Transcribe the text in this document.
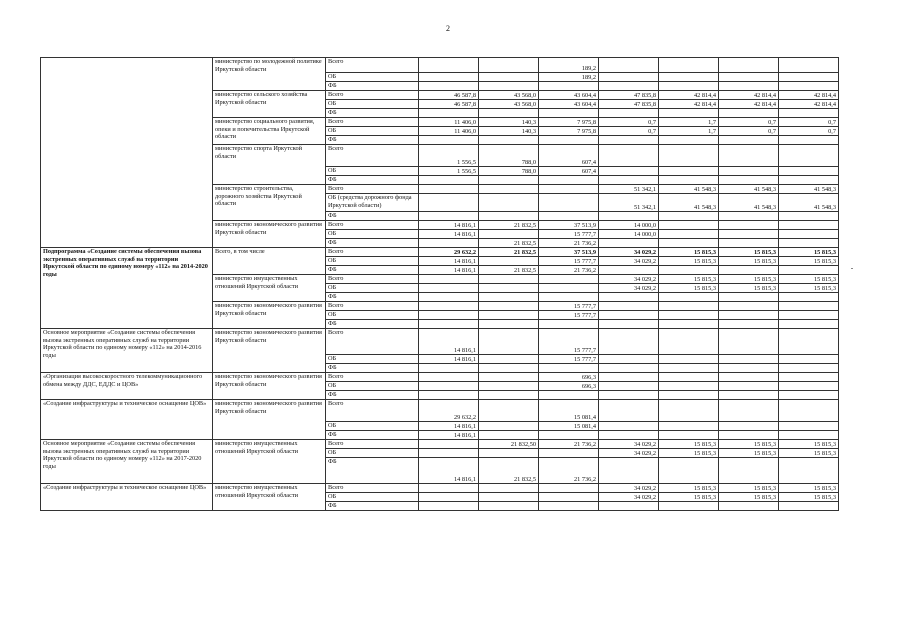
2
	министерство по молодежной политике Иркутской области	Всего			189,2				
		ОБ			189,2				
		ФБ							
	министерство сельского хозяйства Иркутской области	Всего	46 587,8	43 568,0	43 604,4	47 835,8	42 814,4	42 814,4	42 814,4
		ОБ	46 587,8	43 568,0	43 604,4	47 835,8	42 814,4	42 814,4	42 814,4
		ФБ							
	министерство социального развития, опеки и попечительства Иркутской области	Всего	11 406,0	140,3	7 975,8	0,7	1,7	0,7	0,7
		ОБ	11 406,0	140,3	7 975,8	0,7	1,7	0,7	0,7
		ФБ							
	министерство спорта Иркутской области	Всего	1 556,5	788,0	607,4				
		ОБ	1 556,5	788,0	607,4				
		ФБ							
	министерство строительства, дорожного хозяйства Иркутской области	Всего				51 342,1	41 548,3	41 548,3	41 548,3
		ОБ (средства дорожного фонда Иркутской области)				51 342,1	41 548,3	41 548,3	41 548,3
		ФБ							
	министерство экономического развития Иркутской области	Всего	14 816,1	21 832,5	37 513,9	14 000,0			
		ОБ	14 816,1		15 777,7	14 000,0			
		ФБ		21 832,5	21 736,2				
Подпрограмма «Создание системы обеспечения вызова экстренных оперативных служб на территории Иркутской области по единому номеру «112» на 2014-2020 годы	Всего, в том числе	Всего	29 632,2	21 832,5	37 513,9	34 029,2	15 815,3	15 815,3	15 815,3
		ОБ	14 816,1		15 777,7	34 029,2	15 815,3	15 815,3	15 815,3
		ФБ	14 816,1	21 832,5	21 736,2				
	министерство имущественных отношений Иркутской области	Всего				34 029,2	15 815,3	15 815,3	15 815,3
		ОБ				34 029,2	15 815,3	15 815,3	15 815,3
		ФБ							
	министерство экономического развития Иркутской области	Всего			15 777,7				
		ОБ			15 777,7				
		ФБ							
Основное мероприятие «Создание системы обеспечения вызова экстренных оперативных служб на территории Иркутской области по единому номеру «112» на 2014-2016 годы	министерство экономического развития Иркутской области	Всего	14 816,1		15 777,7				
		ОБ	14 816,1		15 777,7				
		ФБ							
«Организация высокоскоростного телекоммуникационного обмена между ДДС, ЕДДС и ЦОВ»	министерство экономического развития Иркутской области	Всего			696,3				
		ОБ			696,3				
		ФБ							
«Создание инфраструктуры и техническое оснащение ЦОВ»	министерство экономического развития Иркутской области	Всего	29 632,2		15 081,4				
		ОБ	14 816,1		15 081,4				
		ФБ	14 816,1						
Основное мероприятие «Создание системы обеспечения вызова экстренных оперативных служб на территории Иркутской области по единому номеру «112» на 2017-2020 годы	министерство имущественных отношений Иркутской области	Всего		21 832,50	21 736,2	34 029,2	15 815,3	15 815,3	15 815,3
		ОБ				34 029,2	15 815,3	15 815,3	15 815,3
		ФБ	14 816,1	21 832,5	21 736,2				
«Создание инфраструктуры и техническое оснащение ЦОВ»	министерство имущественных отношений Иркутской области	Всего				34 029,2	15 815,3	15 815,3	15 815,3
		ОБ				34 029,2	15 815,3	15 815,3	15 815,3
		ФБ							
